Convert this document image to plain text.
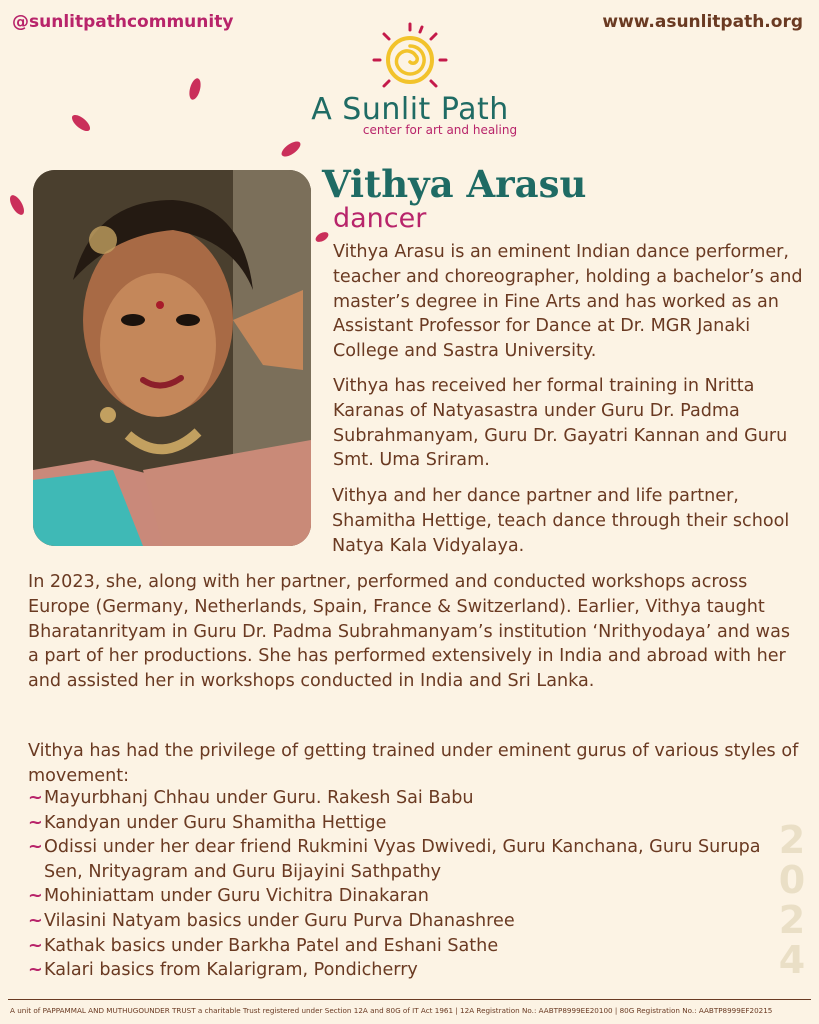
@sunlitpathcommunity	www.asunlitpath.org
A Sunlit Path
center for art and healing
Vithya Arasu
dancer

Vithya Arasu is an eminent Indian dance performer, teacher and choreographer, holding a bachelor’s and master’s degree in Fine Arts and has worked as an Assistant Professor for Dance at Dr. MGR Janaki College and Sastra University.

Vithya has received her formal training in Nritta Karanas of Natyasastra under Guru Dr. Padma Subrahmanyam, Guru Dr. Gayatri Kannan and Guru Smt. Uma Sriram.

Vithya and her dance partner and life partner, Shamitha Hettige, teach dance through their school Natya Kala Vidyalaya.

In 2023, she, along with her partner, performed and conducted workshops across Europe (Germany, Netherlands, Spain, France & Switzerland). Earlier, Vithya taught Bharatanrityam in Guru Dr. Padma Subrahmanyam’s institution ‘Nrithyodaya’ and was a part of her productions. She has performed extensively in India and abroad with her and assisted her in workshops conducted in India and Sri Lanka.

Vithya has had the privilege of getting trained under eminent gurus of various styles of movement:

~ Mayurbhanj Chhau under Guru. Rakesh Sai Babu
~ Kandyan under Guru Shamitha Hettige
~ Odissi under her dear friend Rukmini Vyas Dwivedi, Guru Kanchana, Guru Surupa Sen, Nrityagram and Guru Bijayini Sathpathy
~ Mohiniattam under Guru Vichitra Dinakaran
~ Vilasini Natyam basics under Guru Purva Dhanashree
~ Kathak basics under Barkha Patel and Eshani Sathe
~ Kalari basics from Kalarigram, Pondicherry
2
0
2
4
A unit of PAPPAMMAL AND MUTHUGOUNDER TRUST a charitable Trust registered under Section 12A and 80G of IT Act 1961 | 12A Registration No.: AABTP8999EE20100 | 80G Registration No.: AABTP8999EF20215
